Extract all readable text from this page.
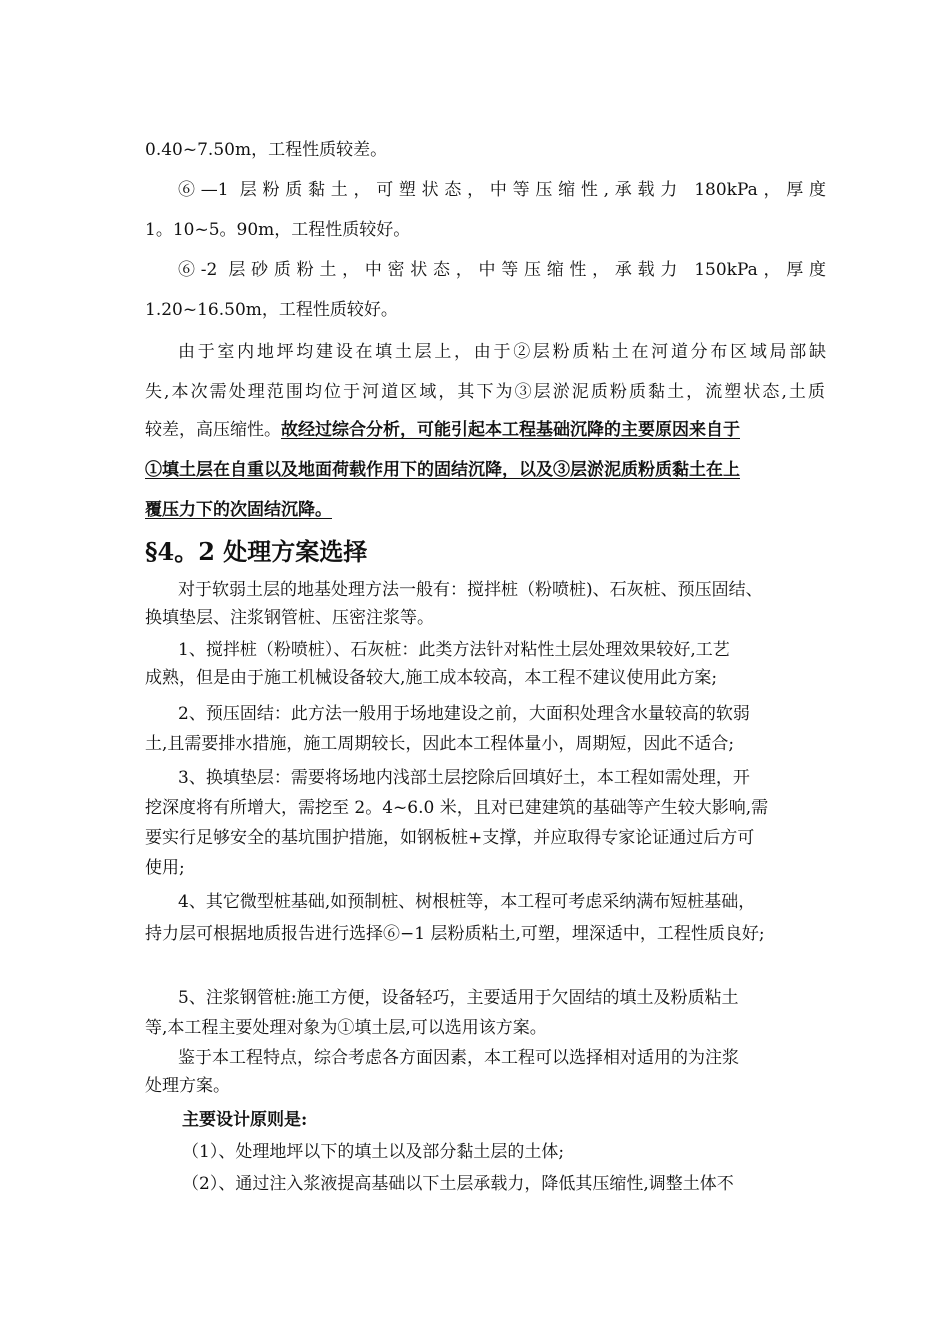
0.40~7.50m，工程性质较差。
⑥—1 层粉质黏土，可塑状态，中等压缩性,承载力 180kPa，厚度
1。10~5。90m，工程性质较好。
⑥-2 层砂质粉土，中密状态，中等压缩性，承载力 150kPa，厚度
1.20~16.50m，工程性质较好。
由于室内地坪均建设在填土层上，由于②层粉质粘土在河道分布区域局部缺
失,本次需处理范围均位于河道区域，其下为③层淤泥质粉质黏土，流塑状态,土质
较差，高压缩性。故经过综合分析，可能引起本工程基础沉降的主要原因来自于
①填土层在自重以及地面荷载作用下的固结沉降，以及③层淤泥质粉质黏土在上
覆压力下的次固结沉降。
§4。2 处理方案选择
对于软弱土层的地基处理方法一般有：搅拌桩（粉喷桩)、石灰桩、预压固结、
换填垫层、注浆钢管桩、压密注浆等。
1、搅拌桩（粉喷桩）、石灰桩：此类方法针对粘性土层处理效果较好,工艺
成熟，但是由于施工机械设备较大,施工成本较高，本工程不建议使用此方案;
2、预压固结：此方法一般用于场地建设之前，大面积处理含水量较高的软弱
土,且需要排水措施，施工周期较长，因此本工程体量小，周期短，因此不适合;
3、换填垫层：需要将场地内浅部土层挖除后回填好土，本工程如需处理，开
挖深度将有所增大，需挖至 2。4~6.0 米，且对已建建筑的基础等产生较大影响,需
要实行足够安全的基坑围护措施，如钢板桩+支撑，并应取得专家论证通过后方可
使用;
4、其它微型桩基础,如预制桩、树根桩等，本工程可考虑采纳满布短桩基础，
持力层可根据地质报告进行选择⑥−1 层粉质粘土,可塑，埋深适中，工程性质良好;
5、注浆钢管桩:施工方便，设备轻巧，主要适用于欠固结的填土及粉质粘土
等,本工程主要处理对象为①填土层,可以选用该方案。
鉴于本工程特点，综合考虑各方面因素，本工程可以选择相对适用的为注浆
处理方案。
主要设计原则是:
（1）、处理地坪以下的填土以及部分黏土层的土体;
（2）、通过注入浆液提高基础以下土层承载力，降低其压缩性,调整土体不
